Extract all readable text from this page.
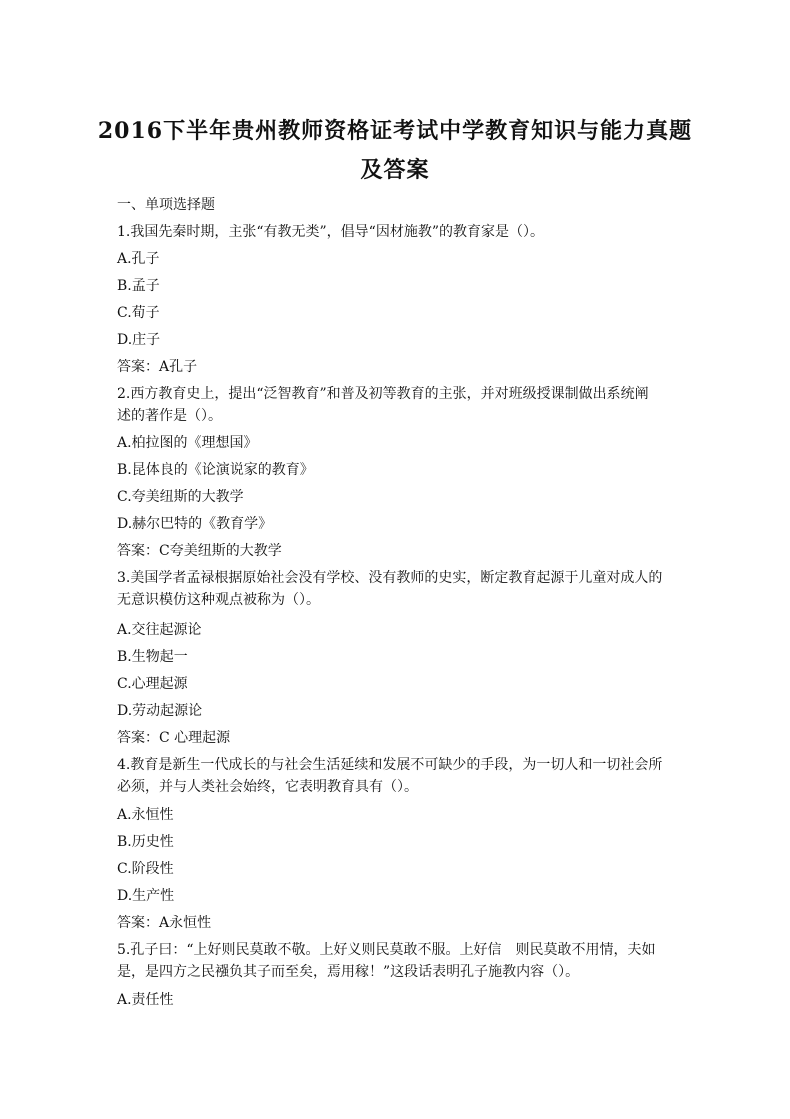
2016下半年贵州教师资格证考试中学教育知识与能力真题
及答案
一、单项选择题
1.我国先秦时期，主张“有教无类”，倡导“因材施教”的教育家是（）。
A.孔子
B.孟子
C.荀子
D.庄子
答案：A孔子
2.西方教育史上，提出“泛智教育”和普及初等教育的主张，并对班级授课制做出系统阐
述的著作是（）。
A.柏拉图的《理想国》
B.昆体良的《论演说家的教育》
C.夸美纽斯的大教学
D.赫尔巴特的《教育学》
答案：C夸美纽斯的大教学
3.美国学者孟禄根据原始社会没有学校、没有教师的史实，断定教育起源于儿童对成人的
无意识模仿这种观点被称为（）。
A.交往起源论
B.生物起一
C.心理起源
D.劳动起源论
答案：C 心理起源
4.教育是新生一代成长的与社会生活延续和发展不可缺少的手段，为一切人和一切社会所
必须，并与人类社会始终，它表明教育具有（）。
A.永恒性
B.历史性
C.阶段性
D.生产性
答案：A永恒性
5.孔子曰：“上好则民莫敢不敬。上好义则民莫敢不服。上好信　则民莫敢不用情，夫如
是，是四方之民襁负其子而至矣，焉用稼！”这段话表明孔子施教内容（）。
A.责任性
